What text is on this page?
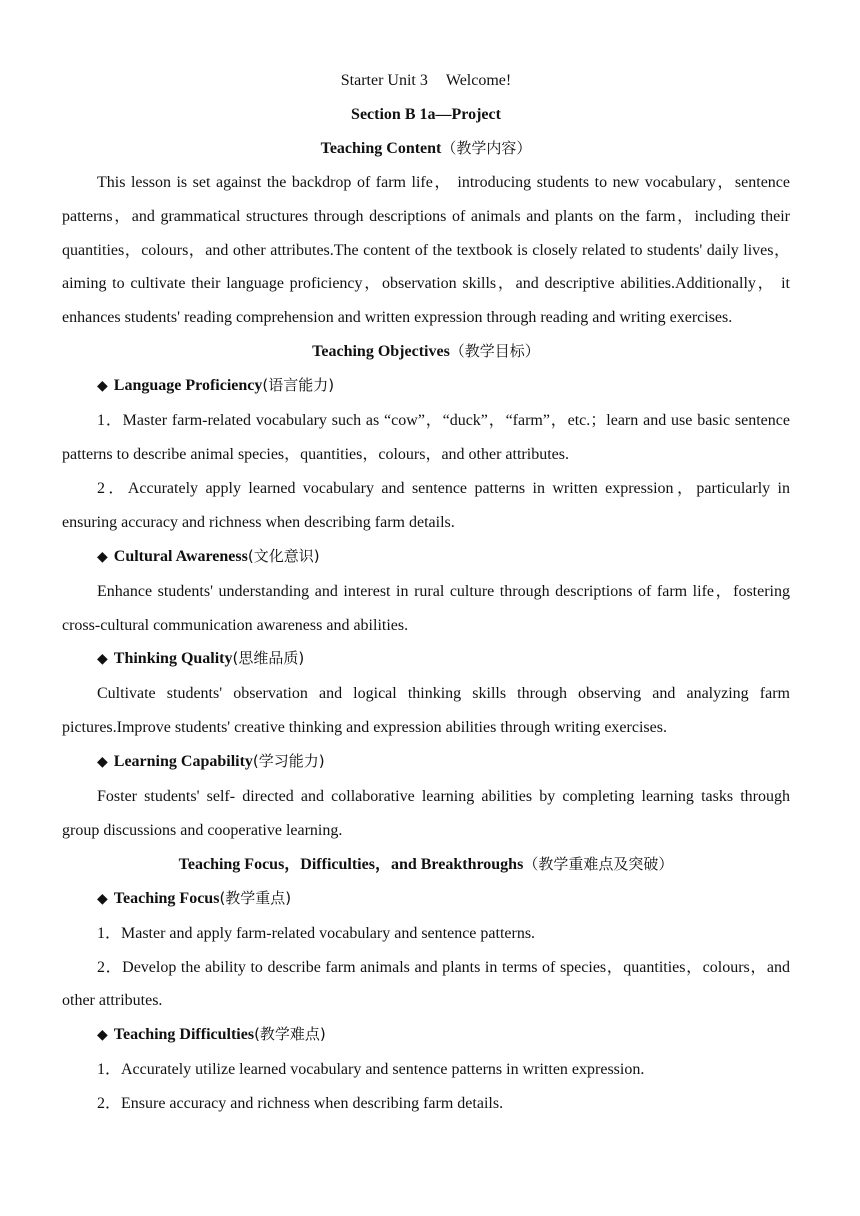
Starter Unit 3 Welcome!

Section B 1a—Project

Teaching Content（教学内容）

This lesson is set against the backdrop of farm life， introducing students to new vocabulary，sentence patterns，and grammatical structures through descriptions of animals and plants on the farm，including their quantities，colours，and other attributes.The content of the textbook is closely related to students' daily lives，aiming to cultivate their language proficiency，observation skills，and descriptive abilities.Additionally， it enhances students' reading comprehension and written expression through reading and writing exercises.

Teaching Objectives（教学目标）

◆ Language Proficiency(语言能力)

1．Master farm-related vocabulary such as “cow”，“duck”，“farm”，etc.；learn and use basic sentence patterns to describe animal species，quantities，colours，and other attributes.

2．Accurately apply learned vocabulary and sentence patterns in written expression，particularly in ensuring accuracy and richness when describing farm details.

◆ Cultural Awareness(文化意识)

Enhance students' understanding and interest in rural culture through descriptions of farm life，fostering cross-cultural communication awareness and abilities.

◆ Thinking Quality(思维品质)

Cultivate students' observation and logical thinking skills through observing and analyzing farm pictures.Improve students' creative thinking and expression abilities through writing exercises.

◆ Learning Capability(学习能力)

Foster students' self- directed and collaborative learning abilities by completing learning tasks through group discussions and cooperative learning.

Teaching Focus，Difficulties，and Breakthroughs（教学重难点及突破）

◆ Teaching Focus(教学重点)

1．Master and apply farm-related vocabulary and sentence patterns.

2．Develop the ability to describe farm animals and plants in terms of species，quantities，colours，and other attributes.

◆ Teaching Difficulties(教学难点)

1．Accurately utilize learned vocabulary and sentence patterns in written expression.

2．Ensure accuracy and richness when describing farm details.
